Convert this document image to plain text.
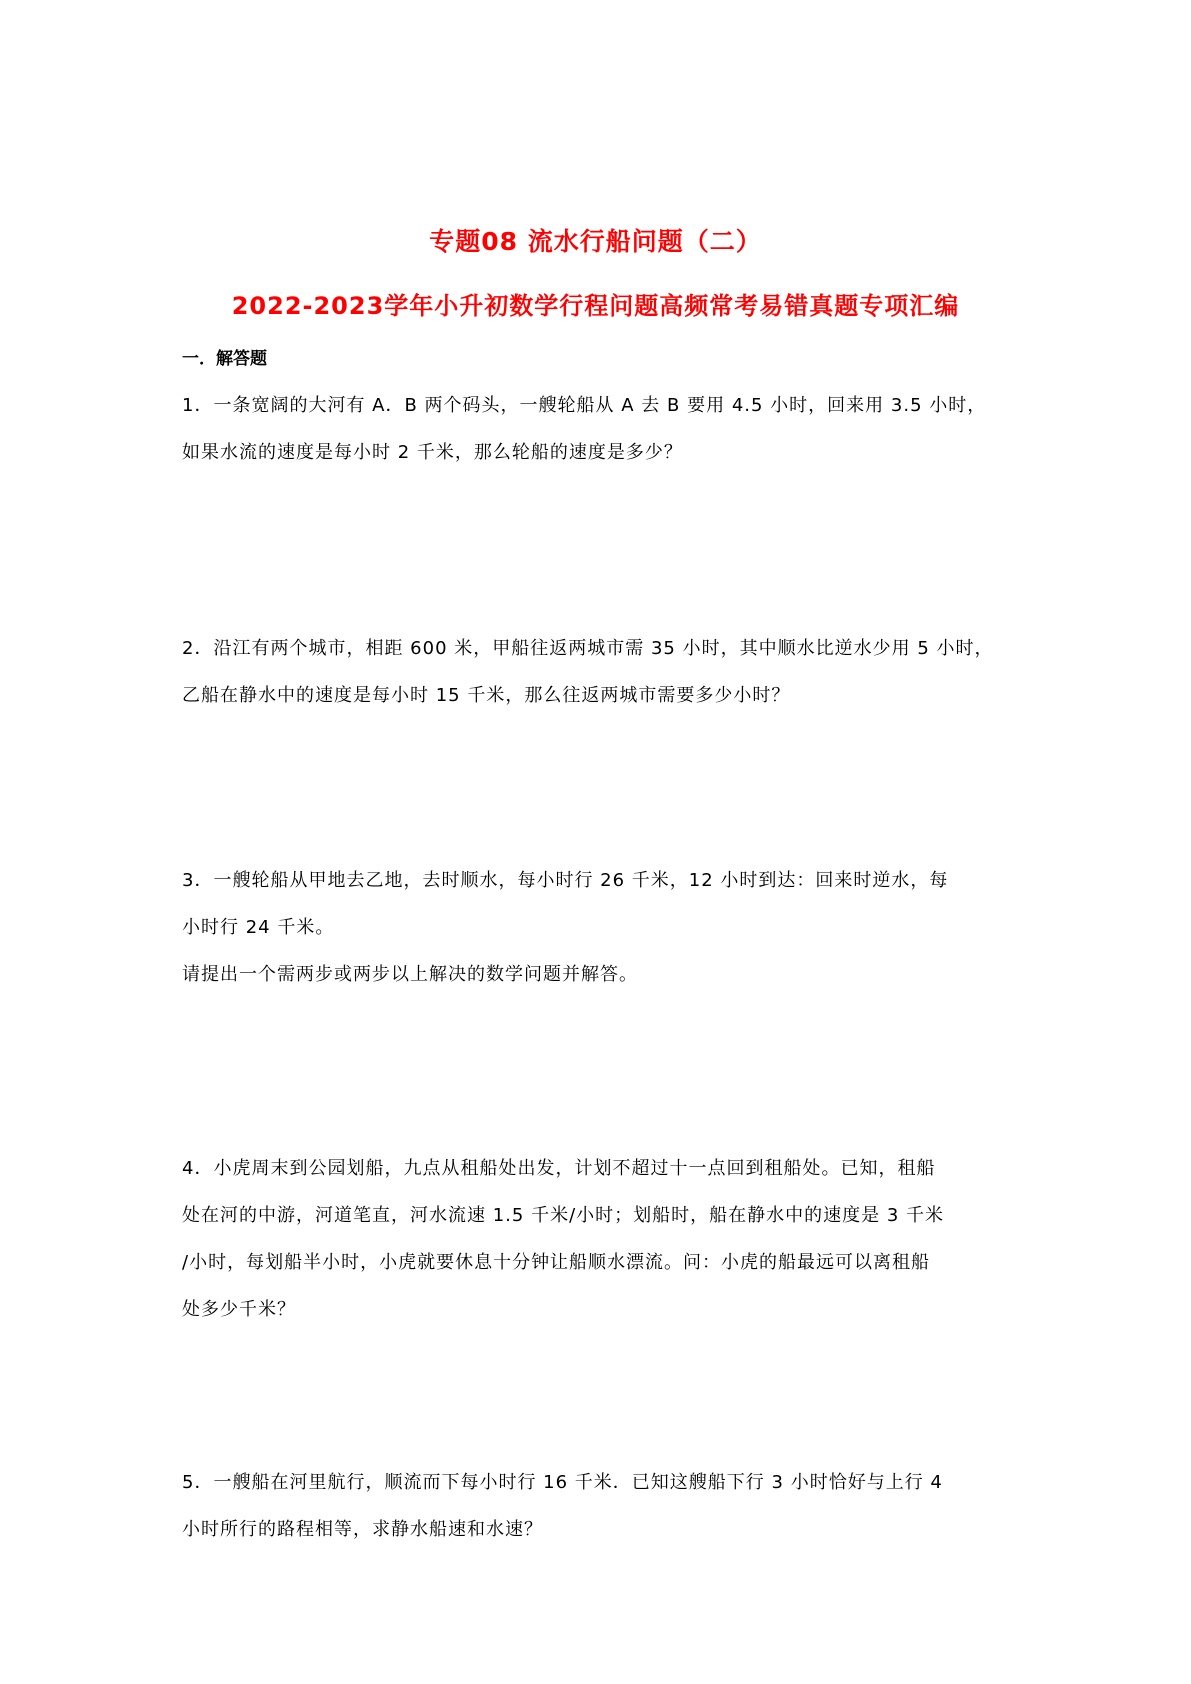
专题08 流水行船问题（二）
2022-2023学年小升初数学行程问题高频常考易错真题专项汇编
一．解答题
1．一条宽阔的大河有 A．B 两个码头，一艘轮船从 A 去 B 要用 4.5 小时，回来用 3.5 小时，
如果水流的速度是每小时 2 千米，那么轮船的速度是多少？
2．沿江有两个城市，相距 600 米，甲船往返两城市需 35 小时，其中顺水比逆水少用 5 小时，
乙船在静水中的速度是每小时 15 千米，那么往返两城市需要多少小时？
3．一艘轮船从甲地去乙地，去时顺水，每小时行 26 千米，12 小时到达：回来时逆水，每
小时行 24 千米。
请提出一个需两步或两步以上解决的数学问题并解答。
4．小虎周末到公园划船，九点从租船处出发，计划不超过十一点回到租船处。已知，租船
处在河的中游，河道笔直，河水流速 1.5 千米/小时；划船时，船在静水中的速度是 3 千米
/小时，每划船半小时，小虎就要休息十分钟让船顺水漂流。问：小虎的船最远可以离租船
处多少千米？
5．一艘船在河里航行，顺流而下每小时行 16 千米．已知这艘船下行 3 小时恰好与上行 4
小时所行的路程相等，求静水船速和水速？
